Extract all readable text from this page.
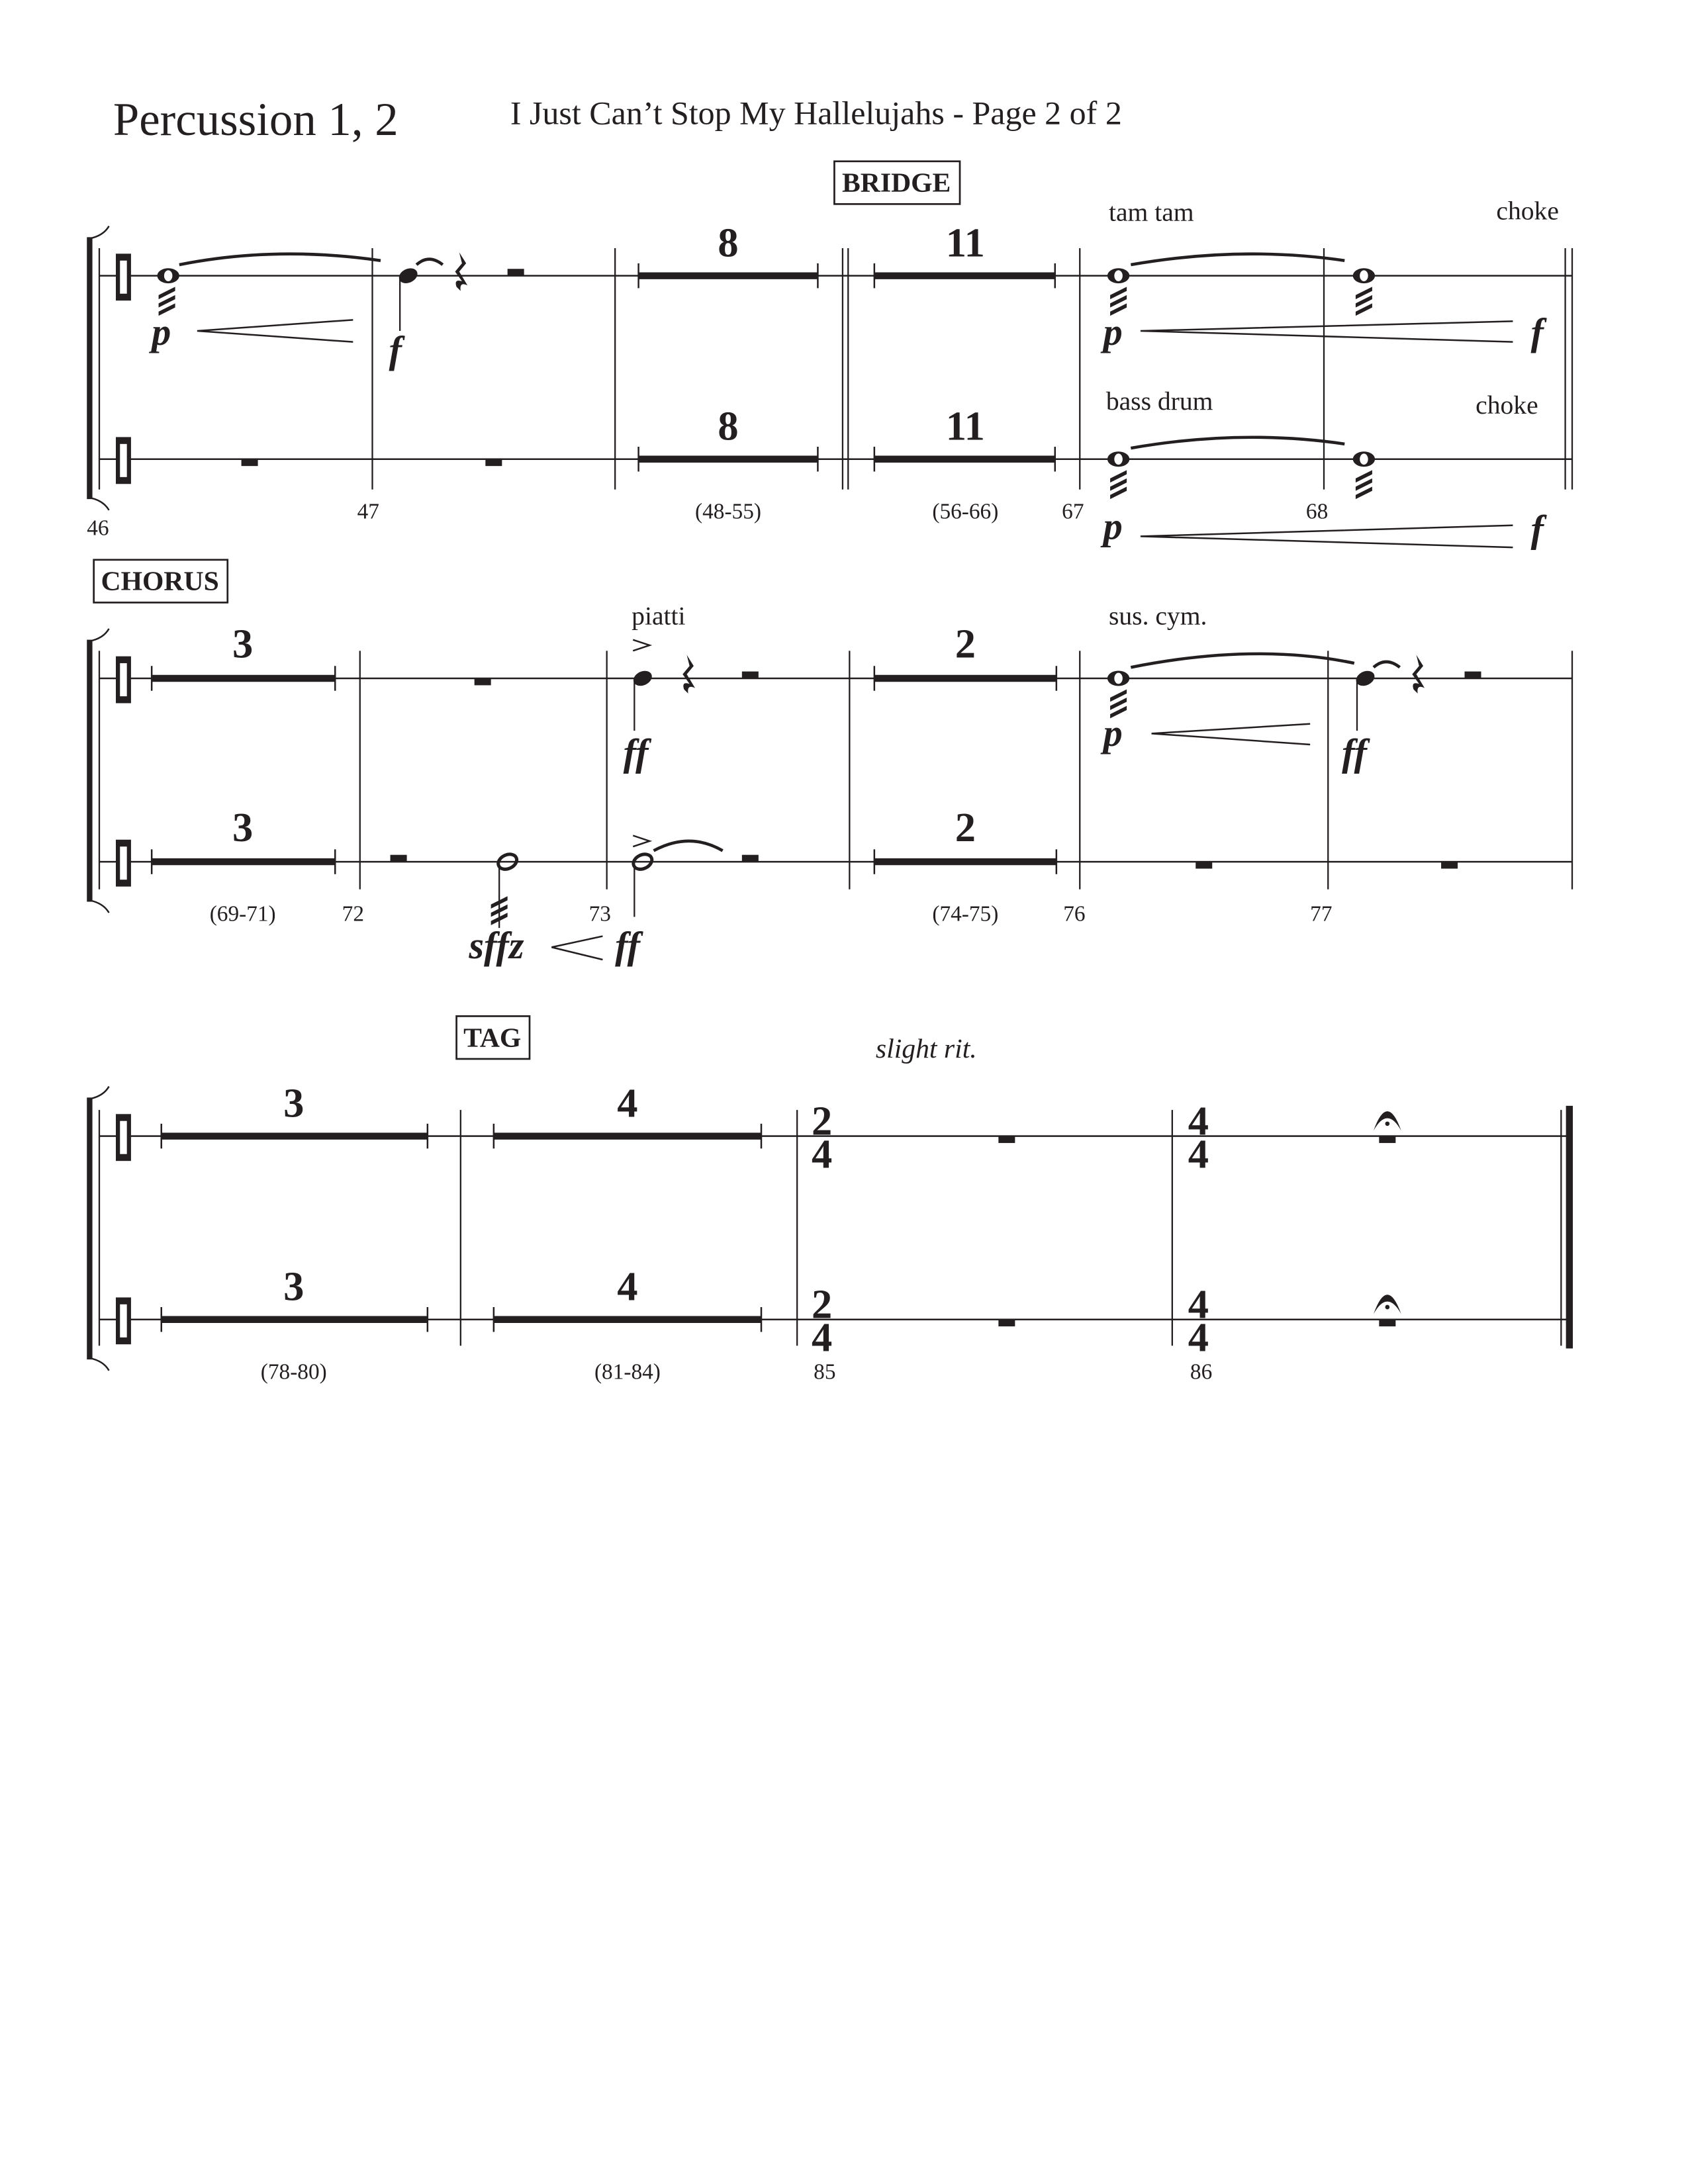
Percussion 1, 2	I Just Can’t Stop My Hallelujahs - Page 2 of 2
BRIDGE
p	f
8	11
8	11
tam tam	choke
p	f
bass drum	choke
p	f
46
47	(48-55)	(56-66)	67	68
CHORUS
3
3
2
2
sffz
piatti
ff
ff
sus. cym.
p	ff
(69-71)	72	73	(74-75)	76	77
TAG	slight rit.
3	4
3	4
2
4
2
4
4
4
4
4
(78-80)	(81-84)	85	86
